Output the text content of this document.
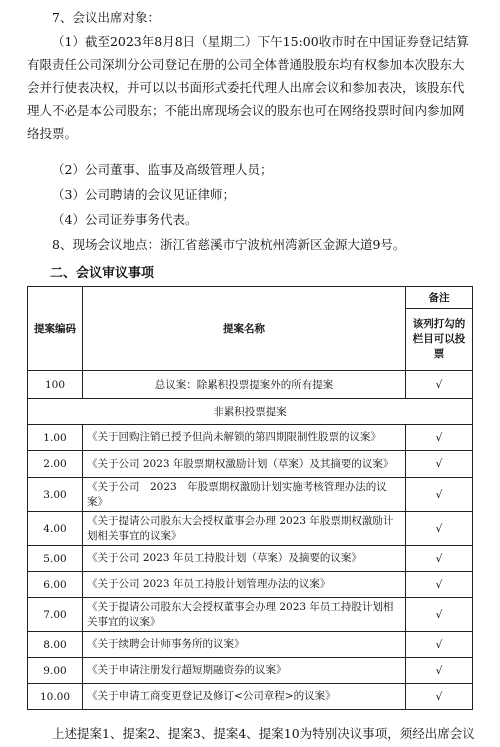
7、会议出席对象：
（1）截至2023年8月8日（星期二）下午15:00收市时在中国证券登记结算有限责任公司深圳分公司登记在册的公司全体普通股股东均有权参加本次股东大会并行使表决权，并可以以书面形式委托代理人出席会议和参加表决，该股东代理人不必是本公司股东；不能出席现场会议的股东也可在网络投票时间内参加网络投票。
（2）公司董事、监事及高级管理人员；
（3）公司聘请的会议见证律师；
（4）公司证券事务代表。
8、现场会议地点：浙江省慈溪市宁波杭州湾新区金源大道9号。
二、会议审议事项
提案编码	提案名称	备注
		该列打勾的栏目可以投票
100	总议案：除累积投票提案外的所有提案	√
非累积投票提案		
1.00	《关于回购注销已授予但尚未解锁的第四期限制性股票的议案》	√
2.00	《关于公司 2023 年股票期权激励计划（草案）及其摘要的议案》	√
3.00	《关于公司　2023　年股票期权激励计划实施考核管理办法的议案》	√
4.00	《关于提请公司股东大会授权董事会办理 2023 年股票期权激励计划相关事宜的议案》	√
5.00	《关于公司 2023 年员工持股计划（草案）及摘要的议案》	√
6.00	《关于公司 2023 年员工持股计划管理办法的议案》	√
7.00	《关于提请公司股东大会授权董事会办理 2023 年员工持股计划相关事宜的议案》	√
8.00	《关于续聘会计师事务所的议案》	√
9.00	《关于申请注册发行超短期融资券的议案》	√
10.00	《关于申请工商变更登记及修订<公司章程>的议案》	√
上述提案1、提案2、提案3、提案4、提案10为特别决议事项，须经出席会议
